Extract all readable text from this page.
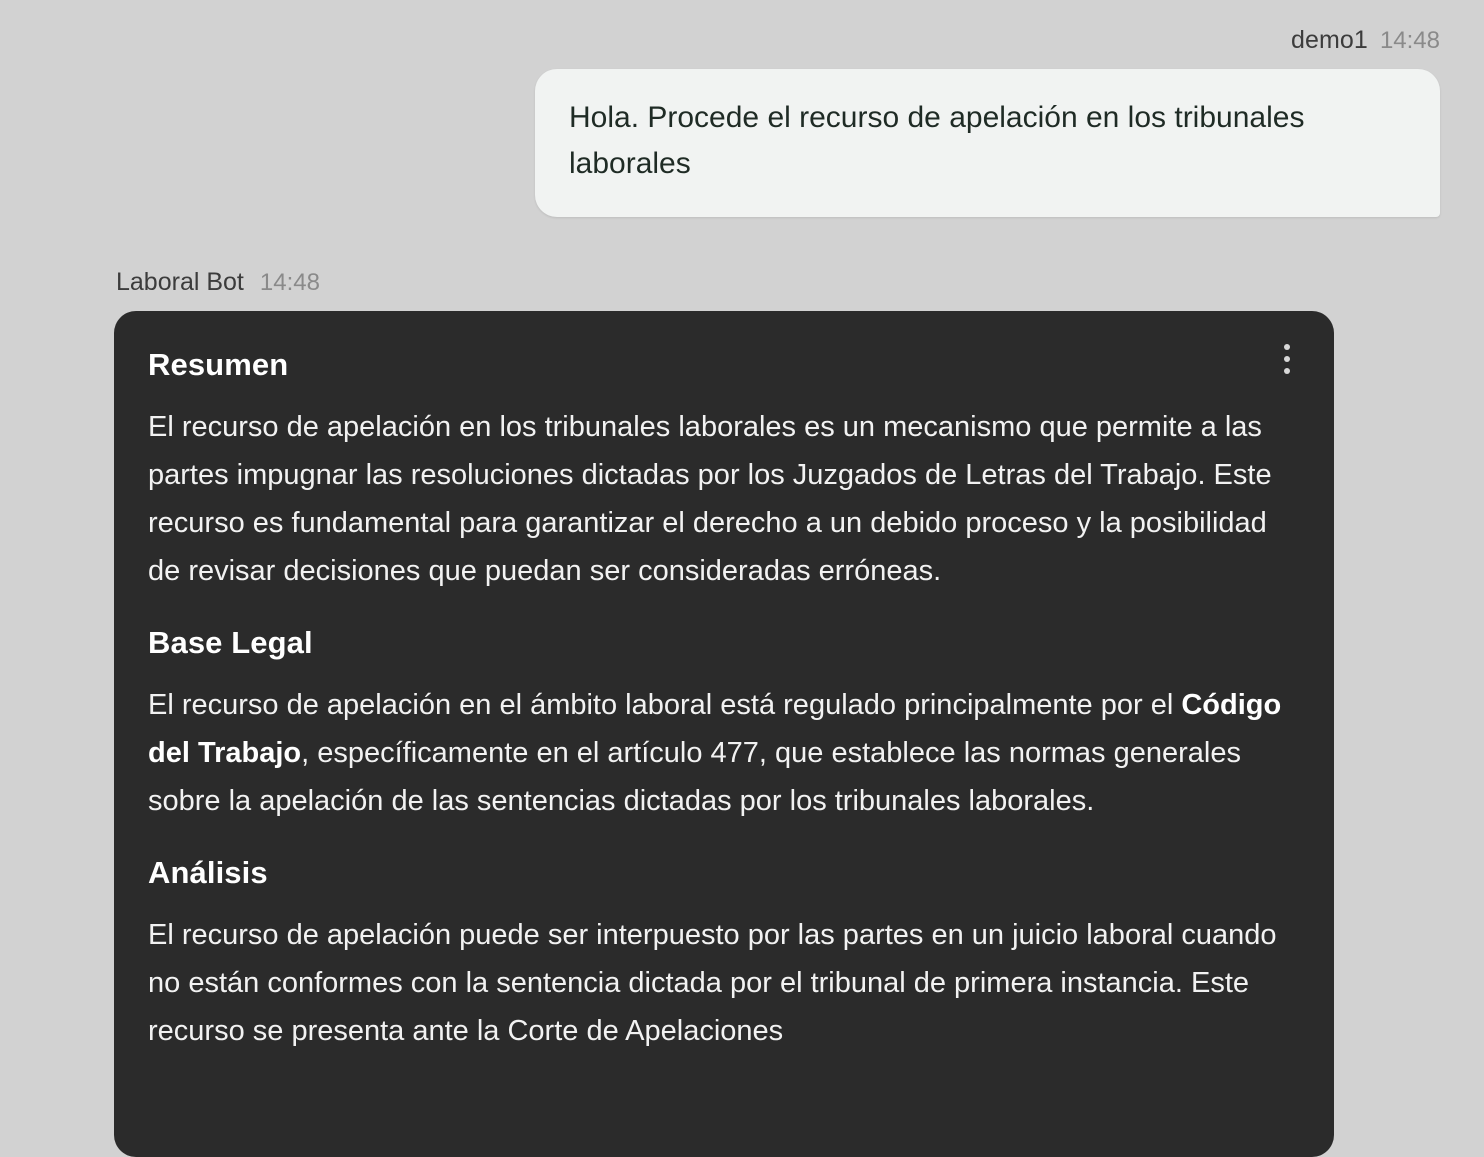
demo1 14:48
Hola. Procede el recurso de apelación en los tribunales laborales
Laboral Bot 14:48
Resumen

El recurso de apelación en los tribunales laborales es un mecanismo que permite a las partes impugnar las resoluciones dictadas por los Juzgados de Letras del Trabajo. Este recurso es fundamental para garantizar el derecho a un debido proceso y la posibilidad de revisar decisiones que puedan ser consideradas erróneas.

Base Legal

El recurso de apelación en el ámbito laboral está regulado principalmente por el Código del Trabajo, específicamente en el artículo 477, que establece las normas generales sobre la apelación de las sentencias dictadas por los tribunales laborales.

Análisis

El recurso de apelación puede ser interpuesto por las partes en un juicio laboral cuando no están conformes con la sentencia dictada por el tribunal de primera instancia. Este recurso se presenta ante la Corte de Apelaciones
